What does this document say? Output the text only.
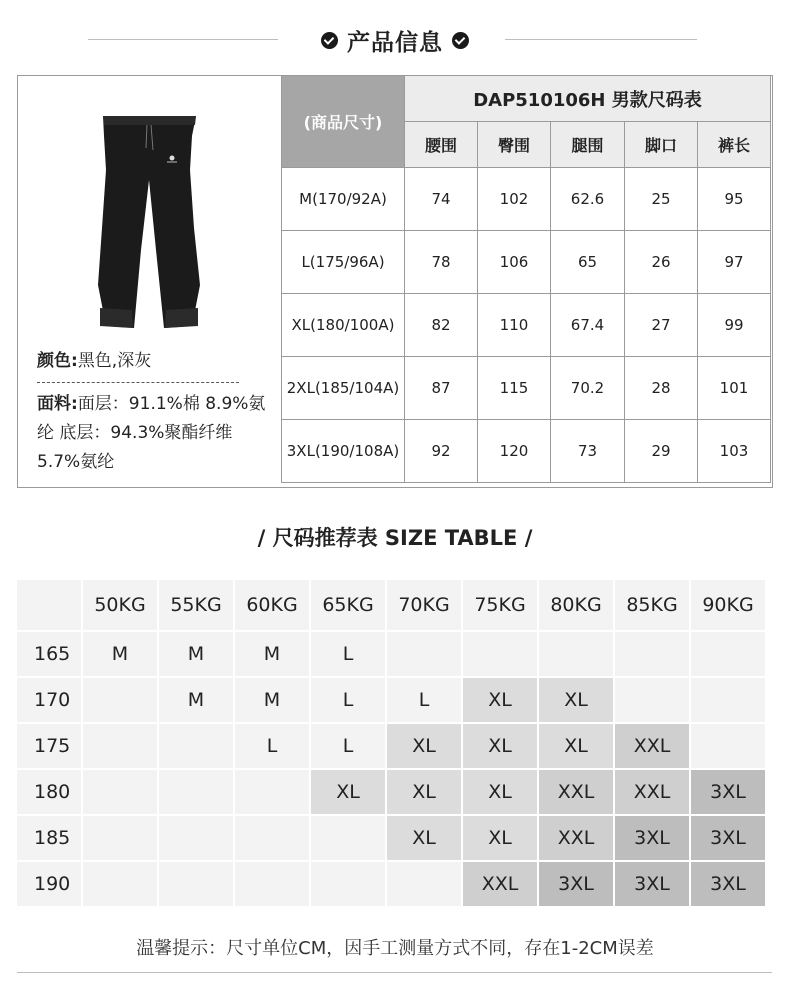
产品信息
颜色:黑色,深灰
面料:面层：91.1%棉 8.9%氨纶 底层：94.3%聚酯纤维 5.7%氨纶
(商品尺寸)	DAP510106H 男款尺码表				
	腰围	臀围	腿围	脚口	裤长
M(170/92A)	74	102	62.6	25	95
L(175/96A)	78	106	65	26	97
XL(180/100A)	82	110	67.4	27	99
2XL(185/104A)	87	115	70.2	28	101
3XL(190/108A)	92	120	73	29	103
/ 尺码推荐表 SIZE TABLE /
	50KG	55KG	60KG	65KG	70KG	75KG	80KG	85KG	90KG
165	M	M	M	L					
170		M	M	L	L	XL	XL		
175			L	L	XL	XL	XL	XXL	
180				XL	XL	XL	XXL	XXL	3XL
185					XL	XL	XXL	3XL	3XL
190						XXL	3XL	3XL	3XL
温馨提示：尺寸单位CM，因手工测量方式不同，存在1-2CM误差
